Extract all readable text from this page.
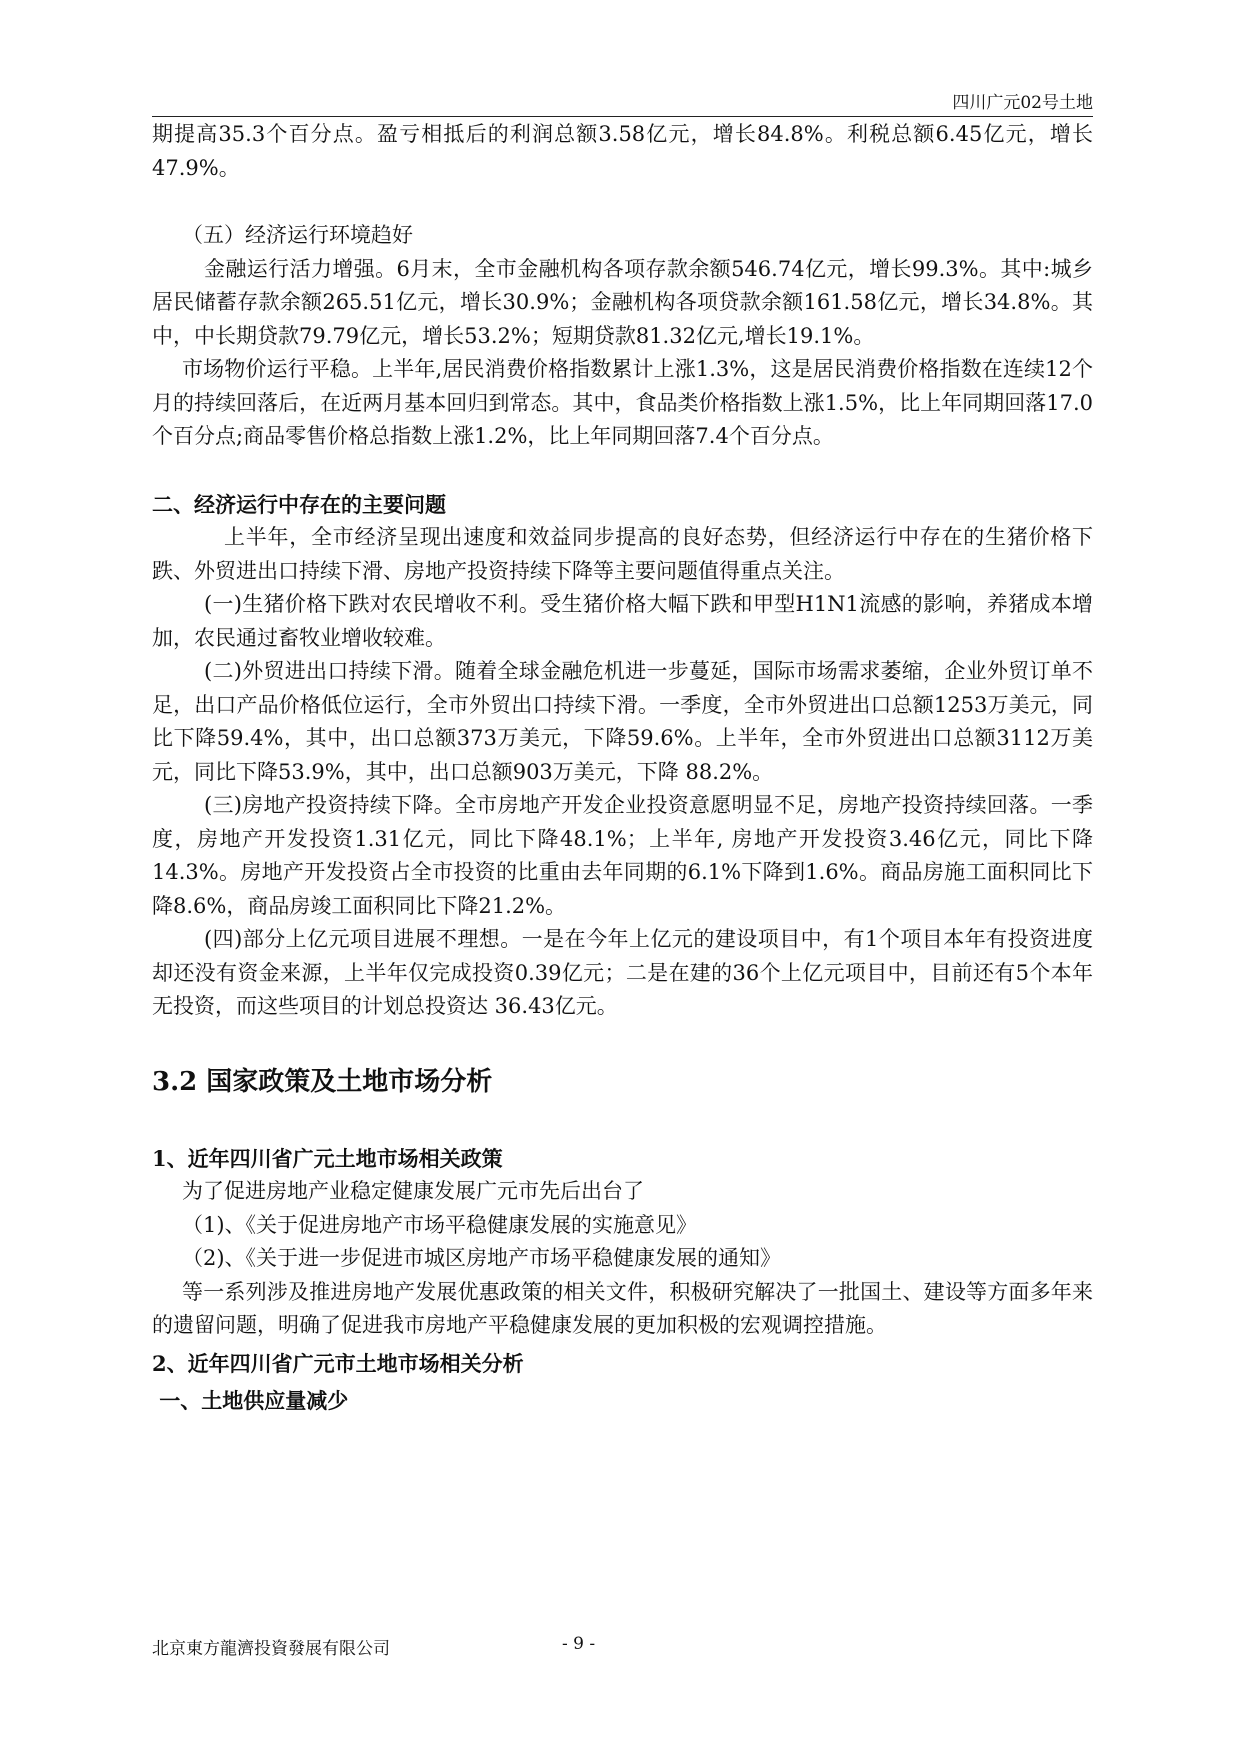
四川广元02号土地

期提高35.3个百分点。盈亏相抵后的利润总额3.58亿元，增长84.8%。利税总额6.45亿元，增长47.9%。

（五）经济运行环境趋好

金融运行活力增强。6月末，全市金融机构各项存款余额546.74亿元，增长99.3%。其中:城乡居民储蓄存款余额265.51亿元，增长30.9%；金融机构各项贷款余额161.58亿元，增长34.8%。其中，中长期贷款79.79亿元，增长53.2%；短期贷款81.32亿元,增长19.1%。

市场物价运行平稳。上半年,居民消费价格指数累计上涨1.3%，这是居民消费价格指数在连续12个月的持续回落后，在近两月基本回归到常态。其中，食品类价格指数上涨1.5%，比上年同期回落17.0个百分点;商品零售价格总指数上涨1.2%，比上年同期回落7.4个百分点。

二、经济运行中存在的主要问题

上半年，全市经济呈现出速度和效益同步提高的良好态势，但经济运行中存在的生猪价格下跌、外贸进出口持续下滑、房地产投资持续下降等主要问题值得重点关注。

(一)生猪价格下跌对农民增收不利。受生猪价格大幅下跌和甲型H1N1流感的影响，养猪成本增加，农民通过畜牧业增收较难。

(二)外贸进出口持续下滑。随着全球金融危机进一步蔓延，国际市场需求萎缩，企业外贸订单不足，出口产品价格低位运行，全市外贸出口持续下滑。一季度，全市外贸进出口总额1253万美元，同比下降59.4%，其中，出口总额373万美元，下降59.6%。上半年，全市外贸进出口总额3112万美元，同比下降53.9%，其中，出口总额903万美元，下降 88.2%。

(三)房地产投资持续下降。全市房地产开发企业投资意愿明显不足，房地产投资持续回落。一季度，房地产开发投资1.31亿元，同比下降48.1%；上半年, 房地产开发投资3.46亿元，同比下降14.3%。房地产开发投资占全市投资的比重由去年同期的6.1%下降到1.6%。商品房施工面积同比下降8.6%，商品房竣工面积同比下降21.2%。

(四)部分上亿元项目进展不理想。一是在今年上亿元的建设项目中，有1个项目本年有投资进度却还没有资金来源，上半年仅完成投资0.39亿元；二是在建的36个上亿元项目中，目前还有5个本年无投资，而这些项目的计划总投资达 36.43亿元。

3.2 国家政策及土地市场分析

1、近年四川省广元土地市场相关政策

为了促进房地产业稳定健康发展广元市先后出台了

（1)、《关于促进房地产市场平稳健康发展的实施意见》

（2)、《关于进一步促进市城区房地产市场平稳健康发展的通知》

等一系列涉及推进房地产发展优惠政策的相关文件，积极研究解决了一批国土、建设等方面多年来的遗留问题，明确了促进我市房地产平稳健康发展的更加积极的宏观调控措施。

2、近年四川省广元市土地市场相关分析

一、土地供应量减少

北京東方龍濟投資發展有限公司	- 9 -
